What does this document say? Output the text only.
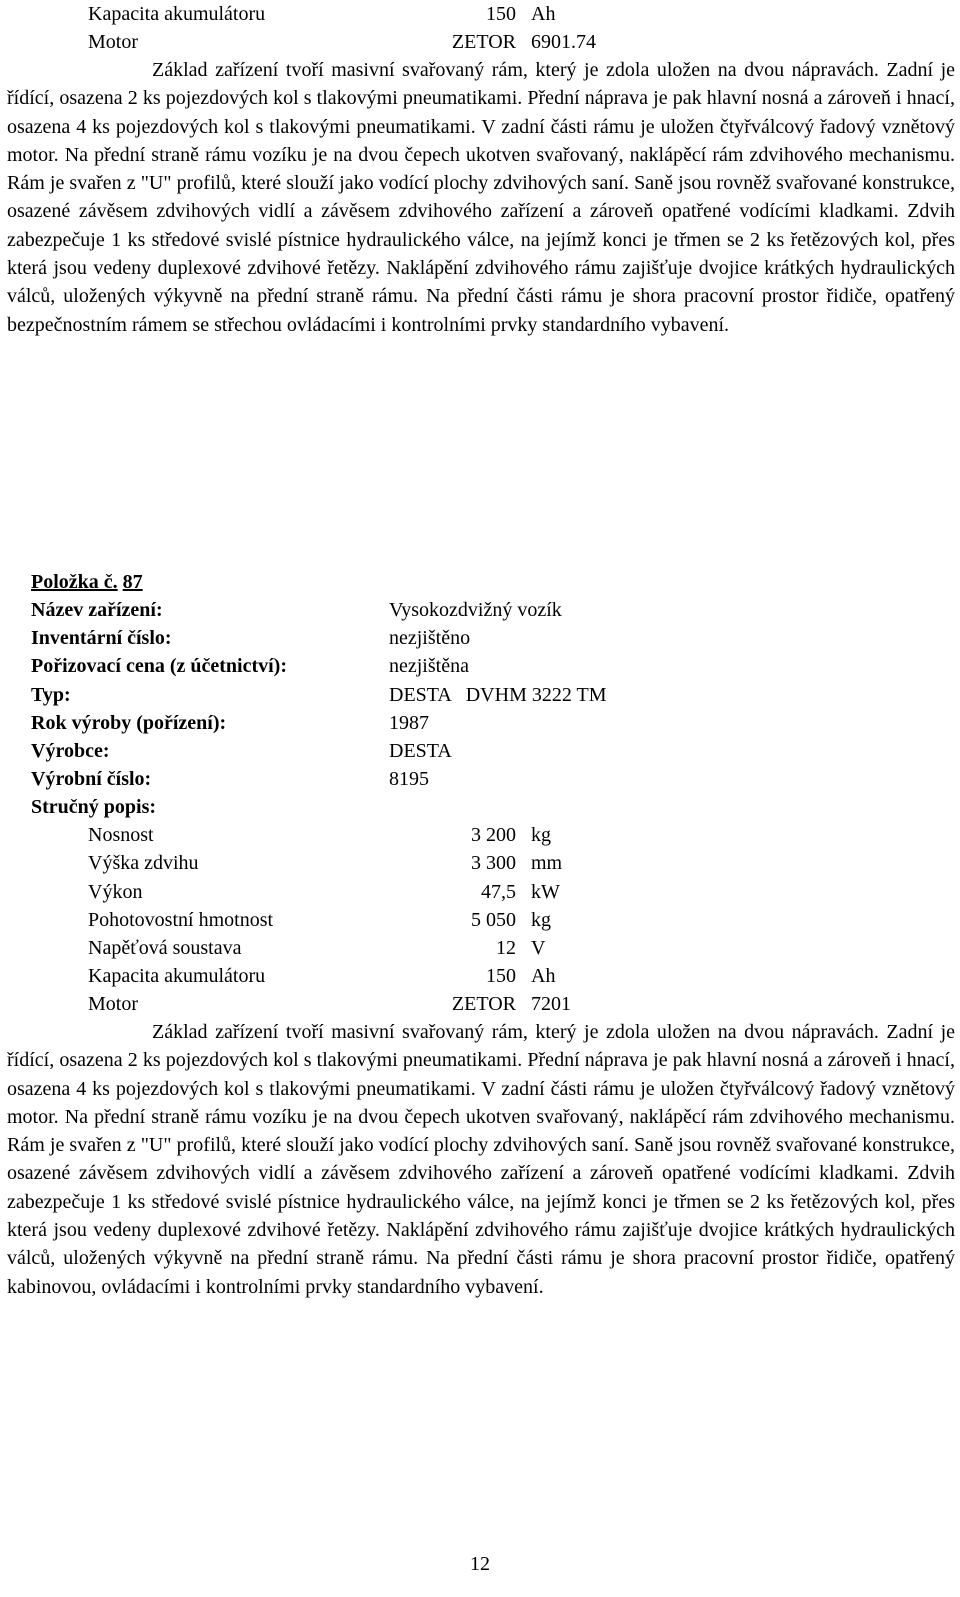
Kapacita akumulátoru	150 Ah
Motor	ZETOR 6901.74

Základ zařízení tvoří masivní svařovaný rám, který je zdola uložen na dvou nápravách. Zadní je řídící, osazena 2 ks pojezdových kol s tlakovými pneumatikami. Přední náprava je pak hlavní nosná a zároveň i hnací, osazena 4 ks pojezdových kol s tlakovými pneumatikami. V zadní části rámu je uložen čtyřválcový řadový vznětový motor. Na přední straně rámu vozíku je na dvou čepech ukotven svařovaný, naklápěcí rám zdvihového mechanismu. Rám je svařen z "U" profilů, které slouží jako vodící plochy zdvihových saní. Saně jsou rovněž svařované konstrukce, osazené závěsem zdvihových vidlí a závěsem zdvihového zařízení a zároveň opatřené vodícími kladkami. Zdvih zabezpečuje 1 ks středové svislé pístnice hydraulického válce, na jejímž konci je třmen se 2 ks řetězových kol, přes která jsou vedeny duplexové zdvihové řetězy. Naklápění zdvihového rámu zajišťuje dvojice krátkých hydraulických válců, uložených výkyvně na přední straně rámu. Na přední části rámu je shora pracovní prostor řidiče, opatřený bezpečnostním rámem se střechou ovládacími i kontrolními prvky standardního vybavení.

Položka č. 87
Název zařízení:	Vysokozdvižný vozík
Inventární číslo:	nezjištěno
Pořizovací cena (z účetnictví):	nezjištěna
Typ:	DESTA   DVHM 3222 TM
Rok výroby (pořízení):	1987
Výrobce:	DESTA
Výrobní číslo:	8195
Stručný popis:
Nosnost	3 200 kg
Výška zdvihu	3 300 mm
Výkon	47,5 kW
Pohotovostní hmotnost	5 050 kg
Napěťová soustava	12 V
Kapacita akumulátoru	150 Ah
Motor	ZETOR 7201

Základ zařízení tvoří masivní svařovaný rám, který je zdola uložen na dvou nápravách. Zadní je řídící, osazena 2 ks pojezdových kol s tlakovými pneumatikami. Přední náprava je pak hlavní nosná a zároveň i hnací, osazena 4 ks pojezdových kol s tlakovými pneumatikami. V zadní části rámu je uložen čtyřválcový řadový vznětový motor. Na přední straně rámu vozíku je na dvou čepech ukotven svařovaný, naklápěcí rám zdvihového mechanismu. Rám je svařen z "U" profilů, které slouží jako vodící plochy zdvihových saní. Saně jsou rovněž svařované konstrukce, osazené závěsem zdvihových vidlí a závěsem zdvihového zařízení a zároveň opatřené vodícími kladkami. Zdvih zabezpečuje 1 ks středové svislé pístnice hydraulického válce, na jejímž konci je třmen se 2 ks řetězových kol, přes která jsou vedeny duplexové zdvihové řetězy. Naklápění zdvihového rámu zajišťuje dvojice krátkých hydraulických válců, uložených výkyvně na přední straně rámu. Na přední části rámu je shora pracovní prostor řidiče, opatřený kabinovou, ovládacími i kontrolními prvky standardního vybavení.

12
